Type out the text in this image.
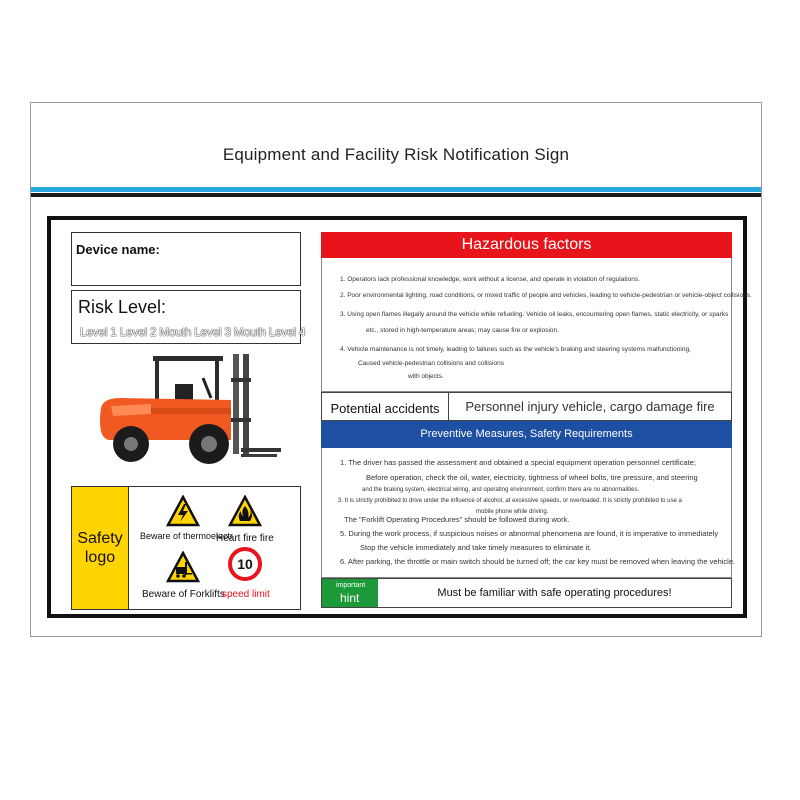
Equipment and Facility Risk Notification Sign
Device name:
Risk Level:
Level 1 Level 2 Mouth Level 3 Mouth Level 4
Safety logo
Beware of thermoelectr
Heart fire fire
Beware of Forklifts
10
speed limit
Hazardous factors
1. Operators lack professional knowledge, work without a license, and operate in violation of regulations.
2. Poor environmental lighting, road conditions, or mixed traffic of people and vehicles, leading to vehicle-pedestrian or vehicle-object collisions.
3. Using open flames illegally around the vehicle while refueling. Vehicle oil leaks, encountering open flames, static electricity, or sparks
etc., stored in high-temperature areas; may cause fire or explosion.
4. Vehicle maintenance is not timely, leading to failures such as the vehicle's braking and steering systems malfunctioning,
Caused vehicle-pedestrian collisions and collisions
with objects.
Potential accidents	Personnel injury vehicle, cargo damage fire
Preventive Measures, Safety Requirements
1. The driver has passed the assessment and obtained a special equipment operation personnel certificate;
Before operation, check the oil, water, electricity, tightness of wheel bolts, tire pressure, and steering
and the braking system, electrical wiring, and operating environment, confirm there are no abnormalities.
3. It is strictly prohibited to drive under the influence of alcohol, at excessive speeds, or overloaded. It is strictly prohibited to use a
mobile phone while driving.
The "Forklift Operating Procedures" should be followed during work.
5. During the work process, if suspicious noises or abnormal phenomena are found, it is imperative to immediately
Stop the vehicle immediately and take timely measures to eliminate it.
6. After parking, the throttle or main switch should be turned off; the car key must be removed when leaving the vehicle.
important
hint	Must be familiar with safe operating procedures!
